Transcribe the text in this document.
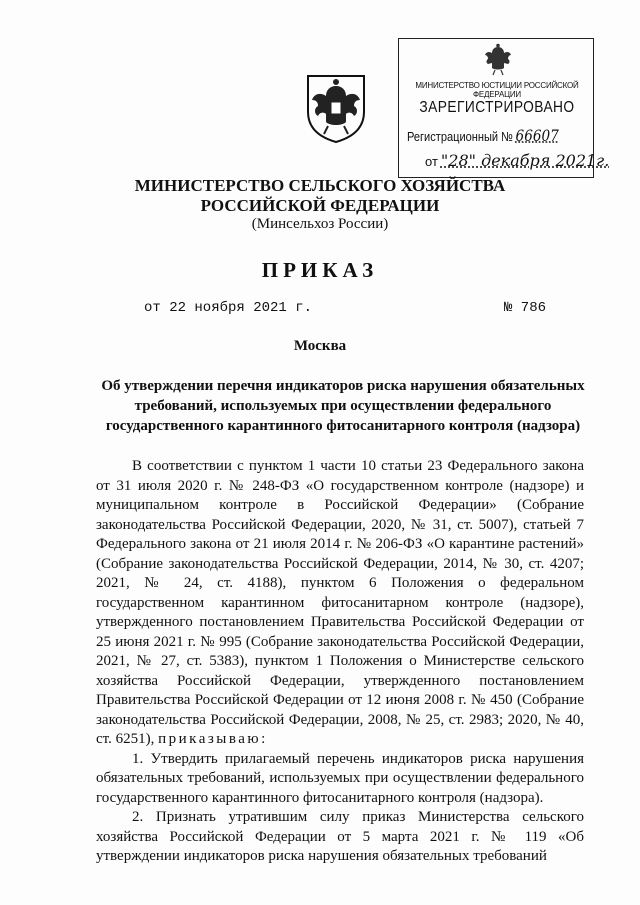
МИНИСТЕРСТВО ЮСТИЦИИ РОССИЙСКОЙ ФЕДЕРАЦИИ
ЗАРЕГИСТРИРОВАНО
Регистрационный № 66607
от "28" декабря 2021г.
МИНИСТЕРСТВО СЕЛЬСКОГО ХОЗЯЙСТВА
РОССИЙСКОЙ ФЕДЕРАЦИИ
(Минсельхоз России)
ПРИКАЗ
от 22 ноября 2021 г.	№ 786
Москва
Об утверждении перечня индикаторов риска нарушения обязательных требований, используемых при осуществлении федерального государственного карантинного фитосанитарного контроля (надзора)

В соответствии с пунктом 1 части 10 статьи 23 Федерального закона от 31 июля 2020 г. № 248-ФЗ «О государственном контроле (надзоре) и муниципальном контроле в Российской Федерации» (Собрание законодательства Российской Федерации, 2020, № 31, ст. 5007), статьей 7 Федерального закона от 21 июля 2014 г. № 206-ФЗ «О карантине растений» (Собрание законодательства Российской Федерации, 2014, № 30, ст. 4207; 2021, № 24, ст. 4188), пунктом 6 Положения о федеральном государственном карантинном фитосанитарном контроле (надзоре), утвержденного постановлением Правительства Российской Федерации от 25 июня 2021 г. № 995 (Собрание законодательства Российской Федерации, 2021, № 27, ст. 5383), пунктом 1 Положения о Министерстве сельского хозяйства Российской Федерации, утвержденного постановлением Правительства Российской Федерации от 12 июня 2008 г. № 450 (Собрание законодательства Российской Федерации, 2008, № 25, ст. 2983; 2020, № 40, ст. 6251), приказываю:

1. Утвердить прилагаемый перечень индикаторов риска нарушения обязательных требований, используемых при осуществлении федерального государственного карантинного фитосанитарного контроля (надзора).

2. Признать утратившим силу приказ Министерства сельского хозяйства Российской Федерации от 5 марта 2021 г. № 119 «Об утверждении индикаторов риска нарушения обязательных требований
